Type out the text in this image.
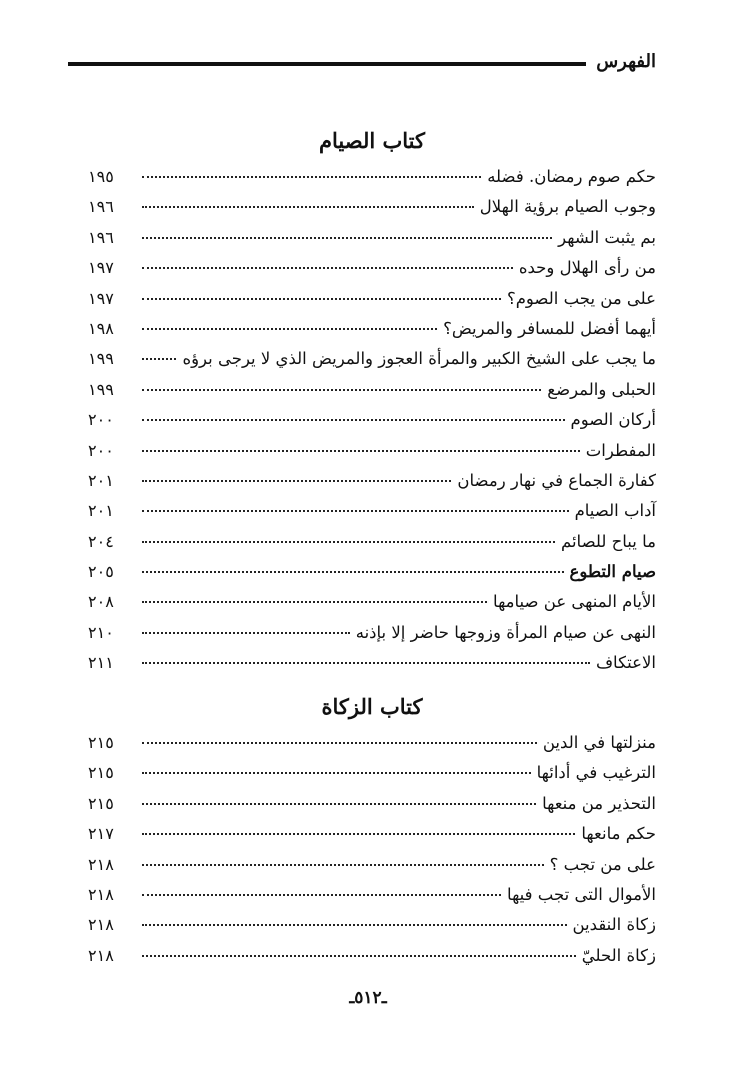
الفهرس
كتاب الصيام
حكم صوم رمضان. فضله
١٩٥
وجوب الصيام برؤية الهلال
١٩٦
بم يثبت الشهر
١٩٦
من رأى الهلال وحده
١٩٧
على من يجب الصوم؟
١٩٧
أيهما أفضل للمسافر والمريض؟
١٩٨
ما يجب على الشيخ الكبير والمرأة العجوز والمريض الذي لا يرجى برؤه
١٩٩
الحبلى والمرضع
١٩٩
أركان الصوم
٢٠٠
المفطرات
٢٠٠
كفارة الجماع في نهار رمضان
٢٠١
آداب الصيام
٢٠١
ما يباح للصائم
٢٠٤
صيام التطوع
٢٠٥
الأيام المنهى عن صيامها
٢٠٨
النهى عن صيام المرأة وزوجها حاضر إلا بإذنه
٢١٠
الاعتكاف
٢١١
كتاب الزكاة
منزلتها في الدين
٢١٥
الترغيب في أدائها
٢١٥
التحذير من منعها
٢١٥
حكم مانعها
٢١٧
على من تجب ؟
٢١٨
الأموال التى تجب فيها
٢١٨
زكاة النقدين
٢١٨
زكاة الحليّ
٢١٨
ـ٥١٢ـ
